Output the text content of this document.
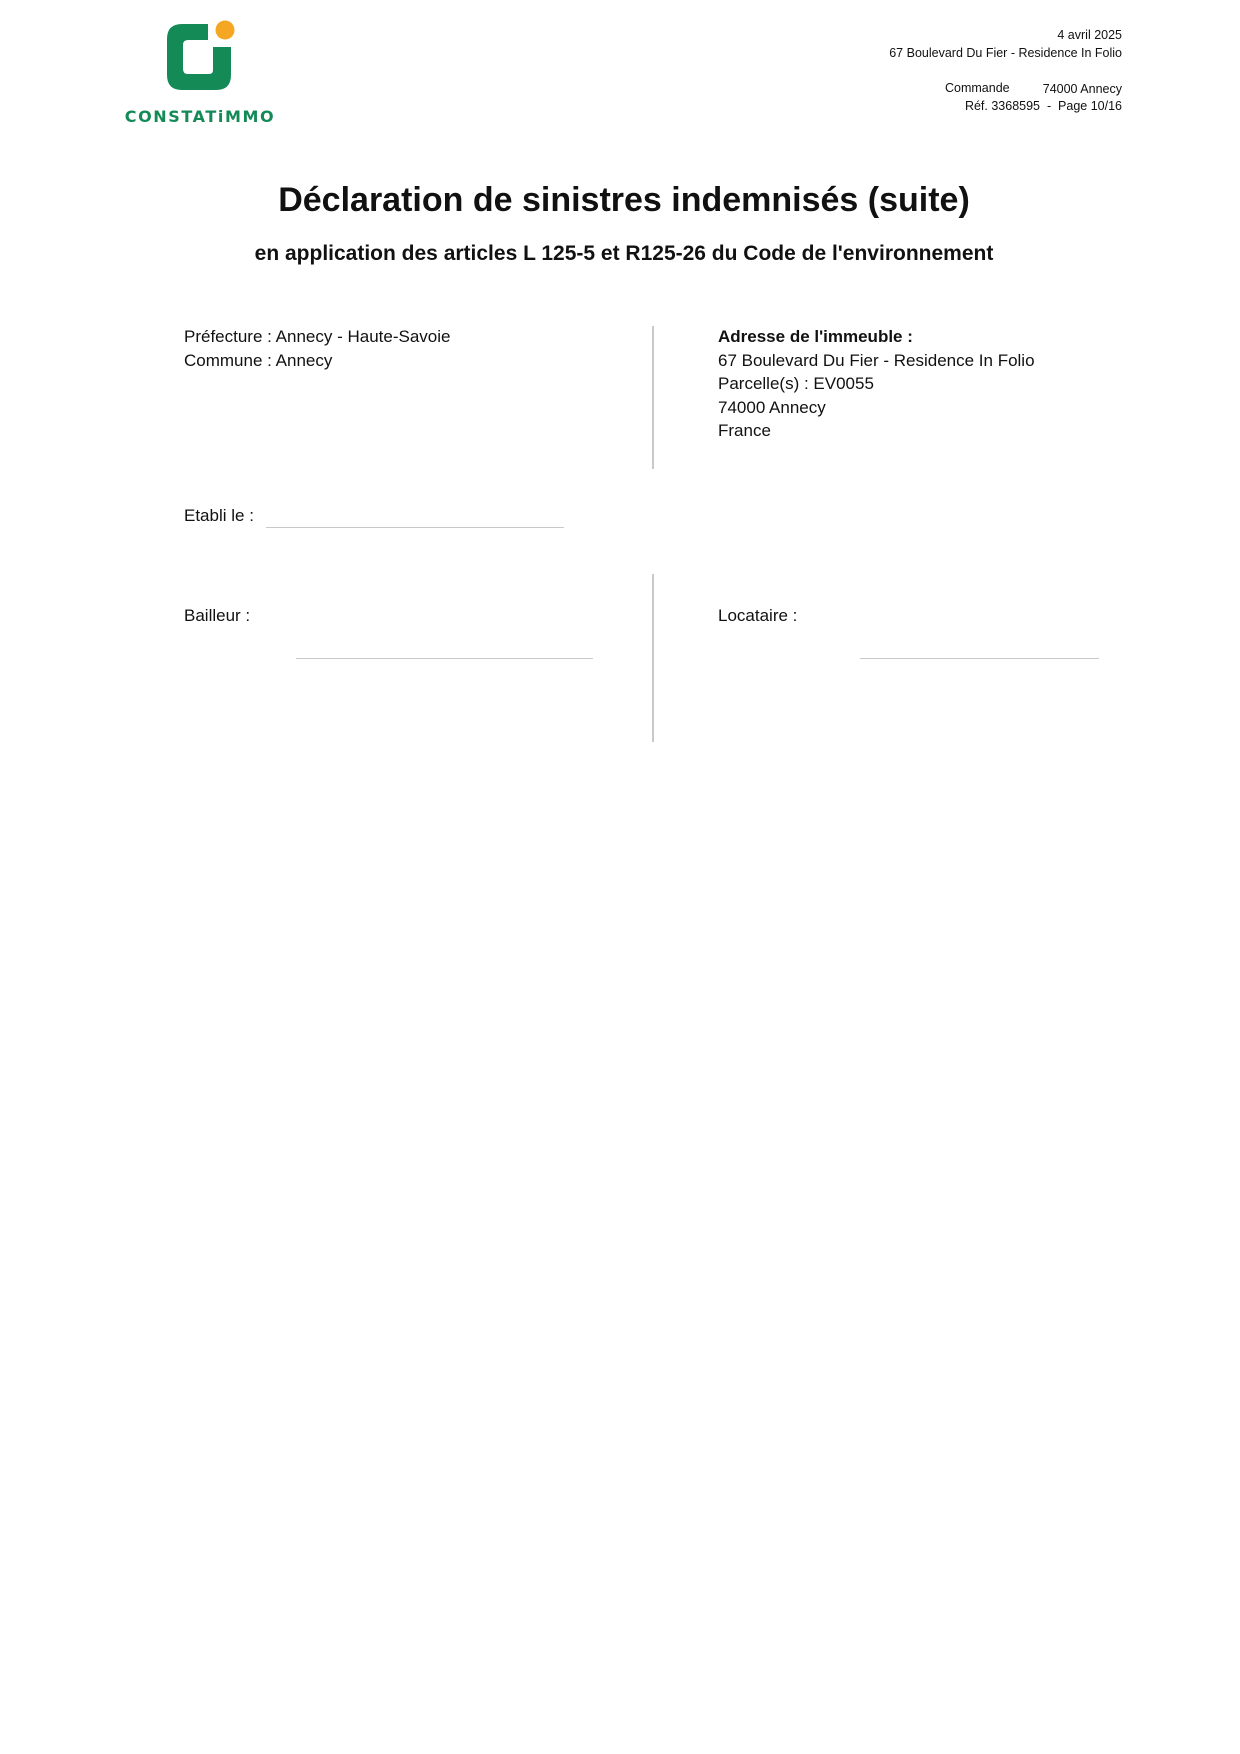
CONSTATiMMO
4 avril 2025
67 Boulevard Du Fier - Residence In Folio

74000 Annecy

Commande
Réf. 3368595  -  Page 10/16
Déclaration de sinistres indemnisés (suite)
en application des articles L 125-5 et R125-26 du Code de l'environnement
Préfecture : Annecy - Haute-Savoie
Commune : Annecy
Adresse de l'immeuble :
67 Boulevard Du Fier - Residence In Folio
Parcelle(s) : EV0055
74000 Annecy
France
Etabli le :
Bailleur :	Locataire :
